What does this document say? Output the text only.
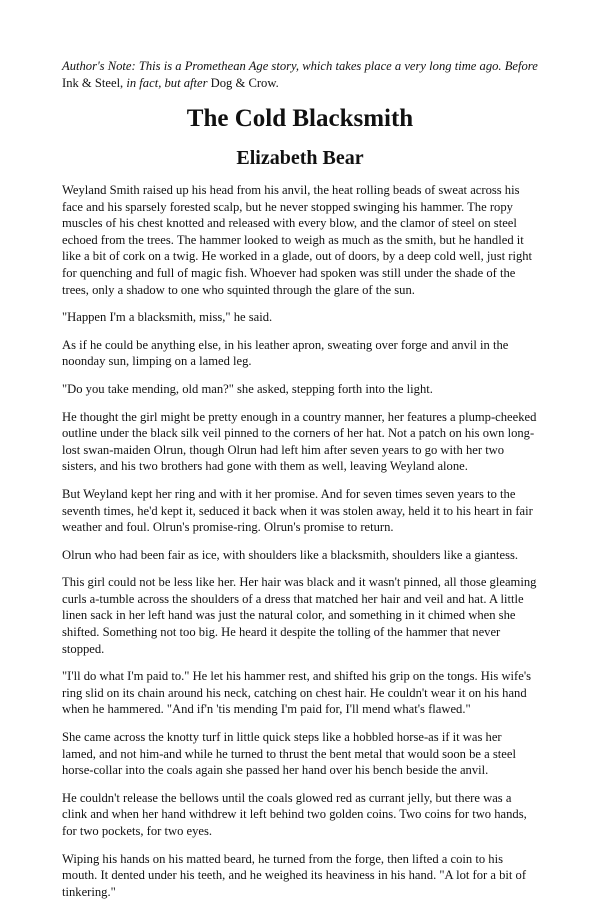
Author's Note: This is a Promethean Age story, which takes place a very long time ago. Before Ink & Steel, in fact, but after Dog & Crow.

The Cold Blacksmith
Elizabeth Bear

Weyland Smith raised up his head from his anvil, the heat rolling beads of sweat across his face and his sparsely forested scalp, but he never stopped swinging his hammer. The ropy muscles of his chest knotted and released with every blow, and the clamor of steel on steel echoed from the trees. The hammer looked to weigh as much as the smith, but he handled it like a bit of cork on a twig. He worked in a glade, out of doors, by a deep cold well, just right for quenching and full of magic fish. Whoever had spoken was still under the shade of the trees, only a shadow to one who squinted through the glare of the sun.

"Happen I'm a blacksmith, miss," he said.

As if he could be anything else, in his leather apron, sweating over forge and anvil in the noonday sun, limping on a lamed leg.

"Do you take mending, old man?" she asked, stepping forth into the light.

He thought the girl might be pretty enough in a country manner, her features a plump-cheeked outline under the black silk veil pinned to the corners of her hat. Not a patch on his own long-lost swan-maiden Olrun, though Olrun had left him after seven years to go with her two sisters, and his two brothers had gone with them as well, leaving Weyland alone.

But Weyland kept her ring and with it her promise. And for seven times seven years to the seventh times, he'd kept it, seduced it back when it was stolen away, held it to his heart in fair weather and foul. Olrun's promise-ring. Olrun's promise to return.

Olrun who had been fair as ice, with shoulders like a blacksmith, shoulders like a giantess.

This girl could not be less like her. Her hair was black and it wasn't pinned, all those gleaming curls a-tumble across the shoulders of a dress that matched her hair and veil and hat. A little linen sack in her left hand was just the natural color, and something in it chimed when she shifted. Something not too big. He heard it despite the tolling of the hammer that never stopped.

"I'll do what I'm paid to." He let his hammer rest, and shifted his grip on the tongs. His wife's ring slid on its chain around his neck, catching on chest hair. He couldn't wear it on his hand when he hammered. "And if'n 'tis mending I'm paid for, I'll mend what's flawed."

She came across the knotty turf in little quick steps like a hobbled horse-as if it was her lamed, and not him-and while he turned to thrust the bent metal that would soon be a steel horse-collar into the coals again she passed her hand over his bench beside the anvil.

He couldn't release the bellows until the coals glowed red as currant jelly, but there was a clink and when her hand withdrew it left behind two golden coins. Two coins for two hands, for two pockets, for two eyes.

Wiping his hands on his matted beard, he turned from the forge, then lifted a coin to his mouth. It dented under his teeth, and he weighed its heaviness in his hand. "A lot for a bit of tinkering."
